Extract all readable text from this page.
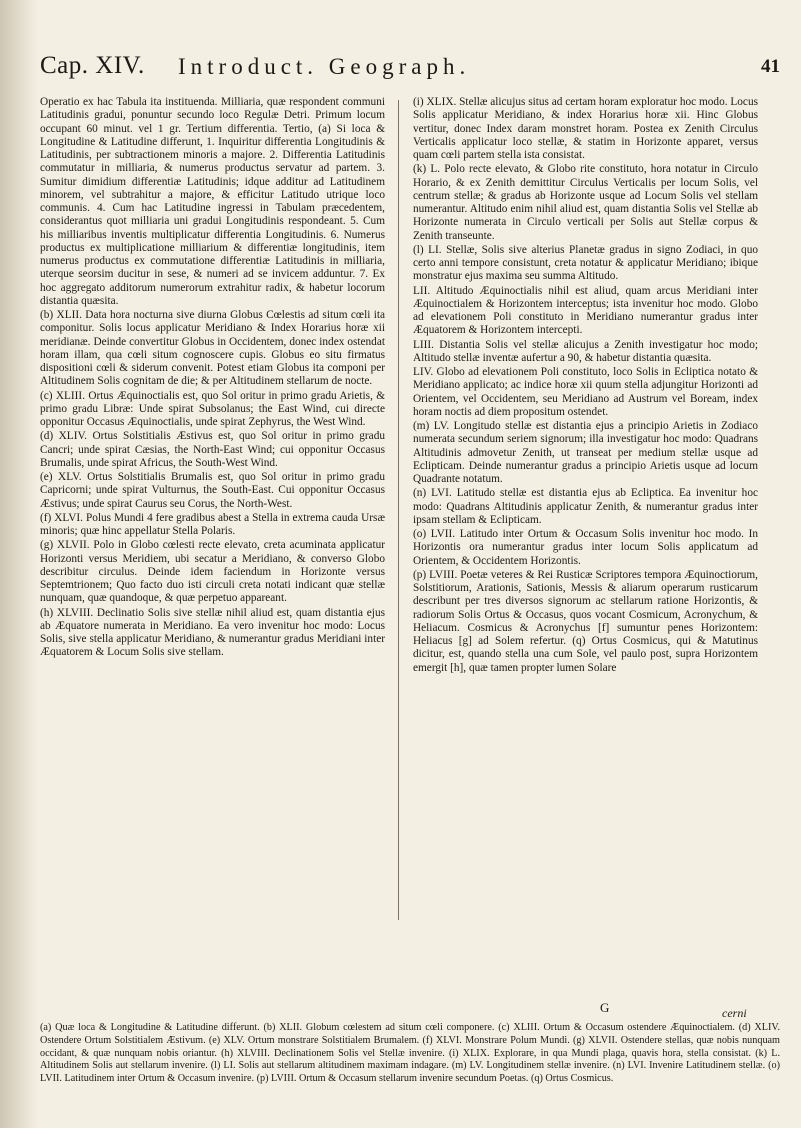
Cap. XIV. Introduct. Geograph.	41

Operatio ex hac Tabula ita instituenda. Milliaria, quæ respondent communi Latitudinis gradui, ponuntur secundo loco Regulæ Detri. Primum locum occupant 60 minut. vel 1 gr. Tertium differentia. Tertio, (a) Si loca & Longitudine & Latitudine differunt, 1. Inquiritur differentia Longitudinis & Latitudinis, per subtractionem minoris a majore. 2. Differentia Latitudinis commutatur in milliaria, & numerus productus servatur ad partem. 3. Sumitur dimidium differentiæ Latitudinis; idque additur ad Latitudinem minorem, vel subtrahitur a majore, & efficitur Latitudo utrique loco communis. 4. Cum hac Latitudine ingressi in Tabulam præcedentem, considerantus quot milliaria uni gradui Longitudinis respondeant. 5. Cum his milliaribus inventis multiplicatur differentia Longitudinis. 6. Numerus productus ex multiplicatione milliarium & differentiæ longitudinis, item numerus productus ex commutatione differentiæ Latitudinis in milliaria, uterque seorsim ducitur in sese, & numeri ad se invicem adduntur. 7. Ex hoc aggregato additorum numerorum extrahitur radix, & habetur locorum distantia quæsita.

(b) XLII. Data hora nocturna sive diurna Globus Cœlestis ad situm cœli ita componitur. Solis locus applicatur Meridiano & Index Horarius horæ xii meridianæ. Deinde convertitur Globus in Occidentem, donec index ostendat horam illam, qua cœli situm cognoscere cupis. Globus eo situ firmatus dispositioni cœli & siderum convenit. Potest etiam Globus ita componi per Altitudinem Solis cognitam de die; & per Altitudinem stellarum de nocte.

(c) XLIII. Ortus Æquinoctialis est, quo Sol oritur in primo gradu Arietis, & primo gradu Libræ: Unde spirat Subsolanus; the East Wind, cui directe opponitur Occasus Æquinoctialis, unde spirat Zephyrus, the West Wind.

(d) XLIV. Ortus Solstitialis Æstivus est, quo Sol oritur in primo gradu Cancri; unde spirat Cæsias, the North-East Wind; cui opponitur Occasus Brumalis, unde spirat Africus, the South-West Wind.

(e) XLV. Ortus Solstitialis Brumalis est, quo Sol oritur in primo gradu Capricorni; unde spirat Vulturnus, the South-East. Cui opponitur Occasus Æstivus; unde spirat Caurus seu Corus, the North-West.

(f) XLVI. Polus Mundi 4 fere gradibus abest a Stella in extrema cauda Ursæ minoris; quæ hinc appellatur Stella Polaris.

(g) XLVII. Polo in Globo cœlesti recte elevato, creta acuminata applicatur Horizonti versus Meridiem, ubi secatur a Meridiano, & converso Globo describitur circulus. Deinde idem faciendum in Horizonte versus Septemtrionem; Quo facto duo isti circuli creta notati indicant quæ stellæ nunquam, quæ quandoque, & quæ perpetuo appareant.

(h) XLVIII. Declinatio Solis sive stellæ nihil aliud est, quam distantia ejus ab Æquatore numerata in Meridiano. Ea vero invenitur hoc modo: Locus Solis, sive stella applicatur Meridiano, & numerantur gradus Meridiani inter Æquatorem & Locum Solis sive stellam.

(i) XLIX. Stellæ alicujus situs ad certam horam exploratur hoc modo. Locus Solis applicatur Meridiano, & index Horarius horæ xii. Hinc Globus vertitur, donec Index daram monstret horam. Postea ex Zenith Circulus Verticalis applicatur loco stellæ, & statim in Horizonte apparet, versus quam cœli partem stella ista consistat.

(k) L. Polo recte elevato, & Globo rite constituto, hora notatur in Circulo Horario, & ex Zenith demittitur Circulus Verticalis per locum Solis, vel centrum stellæ; & gradus ab Horizonte usque ad Locum Solis vel stellam numerantur. Altitudo enim nihil aliud est, quam distantia Solis vel Stellæ ab Horizonte numerata in Circulo verticali per Solis aut Stellæ corpus & Zenith transeunte.

(l) LI. Stellæ, Solis sive alterius Planetæ gradus in signo Zodiaci, in quo certo anni tempore consistunt, creta notatur & applicatur Meridiano; ibique monstratur ejus maxima seu summa Altitudo.

LII. Altitudo Æquinoctialis nihil est aliud, quam arcus Meridiani inter Æquinoctialem & Horizontem interceptus; ista invenitur hoc modo. Globo ad elevationem Poli constituto in Meridiano numerantur gradus inter Æquatorem & Horizontem intercepti.

LIII. Distantia Solis vel stellæ alicujus a Zenith investigatur hoc modo; Altitudo stellæ inventæ aufertur a 90, & habetur distantia quæsita.

LIV. Globo ad elevationem Poli constituto, loco Solis in Ecliptica notato & Meridiano applicato; ac indice horæ xii quum stella adjungitur Horizonti ad Orientem, vel Occidentem, seu Meridiano ad Austrum vel Boream, index horam noctis ad diem propositum ostendet.

(m) LV. Longitudo stellæ est distantia ejus a principio Arietis in Zodiaco numerata secundum seriem signorum; illa investigatur hoc modo: Quadrans Altitudinis admovetur Zenith, ut transeat per medium stellæ usque ad Eclipticam. Deinde numerantur gradus a principio Arietis usque ad locum Quadrante notatum.

(n) LVI. Latitudo stellæ est distantia ejus ab Ecliptica. Ea invenitur hoc modo: Quadrans Altitudinis applicatur Zenith, & numerantur gradus inter ipsam stellam & Eclipticam.

(o) LVII. Latitudo inter Ortum & Occasum Solis invenitur hoc modo. In Horizontis ora numerantur gradus inter locum Solis applicatum ad Orientem, & Occidentem Horizontis.

(p) LVIII. Poetæ veteres & Rei Rusticæ Scriptores tempora Æquinoctiorum, Solstitiorum, Arationis, Sationis, Messis & aliarum operarum rusticarum describunt per tres diversos signorum ac stellarum ratione Horizontis, & radiorum Solis Ortus & Occasus, quos vocant Cosmicum, Acronychum, & Heliacum. Cosmicus & Acronychus [f] sumuntur penes Horizontem: Heliacus [g] ad Solem refertur. (q) Ortus Cosmicus, qui & Matutinus dicitur, est, quando stella una cum Sole, vel paulo post, supra Horizontem emergit [h], quæ tamen propter lumen Solare

G	cerni
(a) Quæ loca & Longitudine & Latitudine differunt. (b) XLII. Globum cœlestem ad situm cœli componere. (c) XLIII. Ortum & Occasum ostendere Æquinoctialem. (d) XLIV. Ostendere Ortum Solstitialem Æstivum. (e) XLV. Ortum monstrare Solstitialem Brumalem. (f) XLVI. Monstrare Polum Mundi. (g) XLVII. Ostendere stellas, quæ nobis nunquam occidant, & quæ nunquam nobis oriantur. (h) XLVIII. Declinationem Solis vel Stellæ invenire. (i) XLIX. Explorare, in qua Mundi plaga, quavis hora, stella consistat. (k) L. Altitudinem Solis aut stellarum invenire. (l) LI. Solis aut stellarum altitudinem maximam indagare. (m) LV. Longitudinem stellæ invenire. (n) LVI. Invenire Latitudinem stellæ. (o) LVII. Latitudinem inter Ortum & Occasum invenire. (p) LVIII. Ortum & Occasum stellarum invenire secundum Poetas. (q) Ortus Cosmicus.
